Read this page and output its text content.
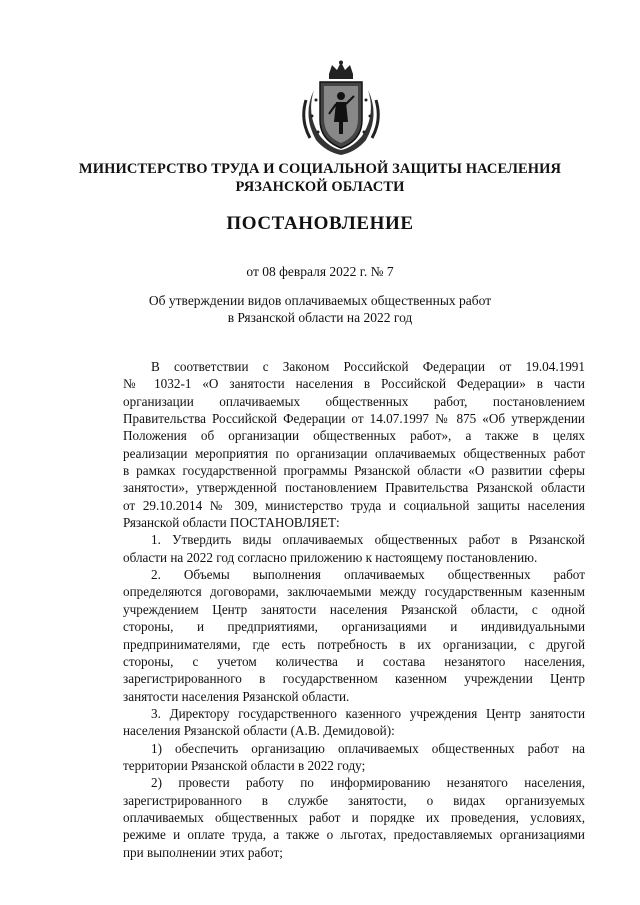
МИНИСТЕРСТВО ТРУДА И СОЦИАЛЬНОЙ ЗАЩИТЫ НАСЕЛЕНИЯ
РЯЗАНСКОЙ ОБЛАСТИ
ПОСТАНОВЛЕНИЕ
от 08 февраля 2022 г. № 7
Об утверждении видов оплачиваемых общественных работ
в Рязанской области на 2022 год
В соответствии с Законом Российской Федерации от 19.04.1991
№ 1032-1 «О занятости населения в Российской Федерации» в части
организации оплачиваемых общественных работ, постановлением
Правительства Российской Федерации от 14.07.1997 № 875 «Об утверждении
Положения об организации общественных работ», а также в целях
реализации мероприятия по организации оплачиваемых общественных работ
в рамках государственной программы Рязанской области «О развитии сферы
занятости», утвержденной постановлением Правительства Рязанской области
от 29.10.2014 № 309, министерство труда и социальной защиты населения
Рязанской области ПОСТАНОВЛЯЕТ:
1. Утвердить виды оплачиваемых общественных работ в Рязанской
области на 2022 год согласно приложению к настоящему постановлению.
2. Объемы выполнения оплачиваемых общественных работ
определяются договорами, заключаемыми между государственным казенным
учреждением Центр занятости населения Рязанской области, с одной
стороны, и предприятиями, организациями и индивидуальными
предпринимателями, где есть потребность в их организации, с другой
стороны, с учетом количества и состава незанятого населения,
зарегистрированного в государственном казенном учреждении Центр
занятости населения Рязанской области.
3. Директору государственного казенного учреждения Центр занятости
населения Рязанской области (А.В. Демидовой):
1) обеспечить организацию оплачиваемых общественных работ на
территории Рязанской области в 2022 году;
2) провести работу по информированию незанятого населения,
зарегистрированного в службе занятости, о видах организуемых
оплачиваемых общественных работ и порядке их проведения, условиях,
режиме и оплате труда, а также о льготах, предоставляемых организациями
при выполнении этих работ;
